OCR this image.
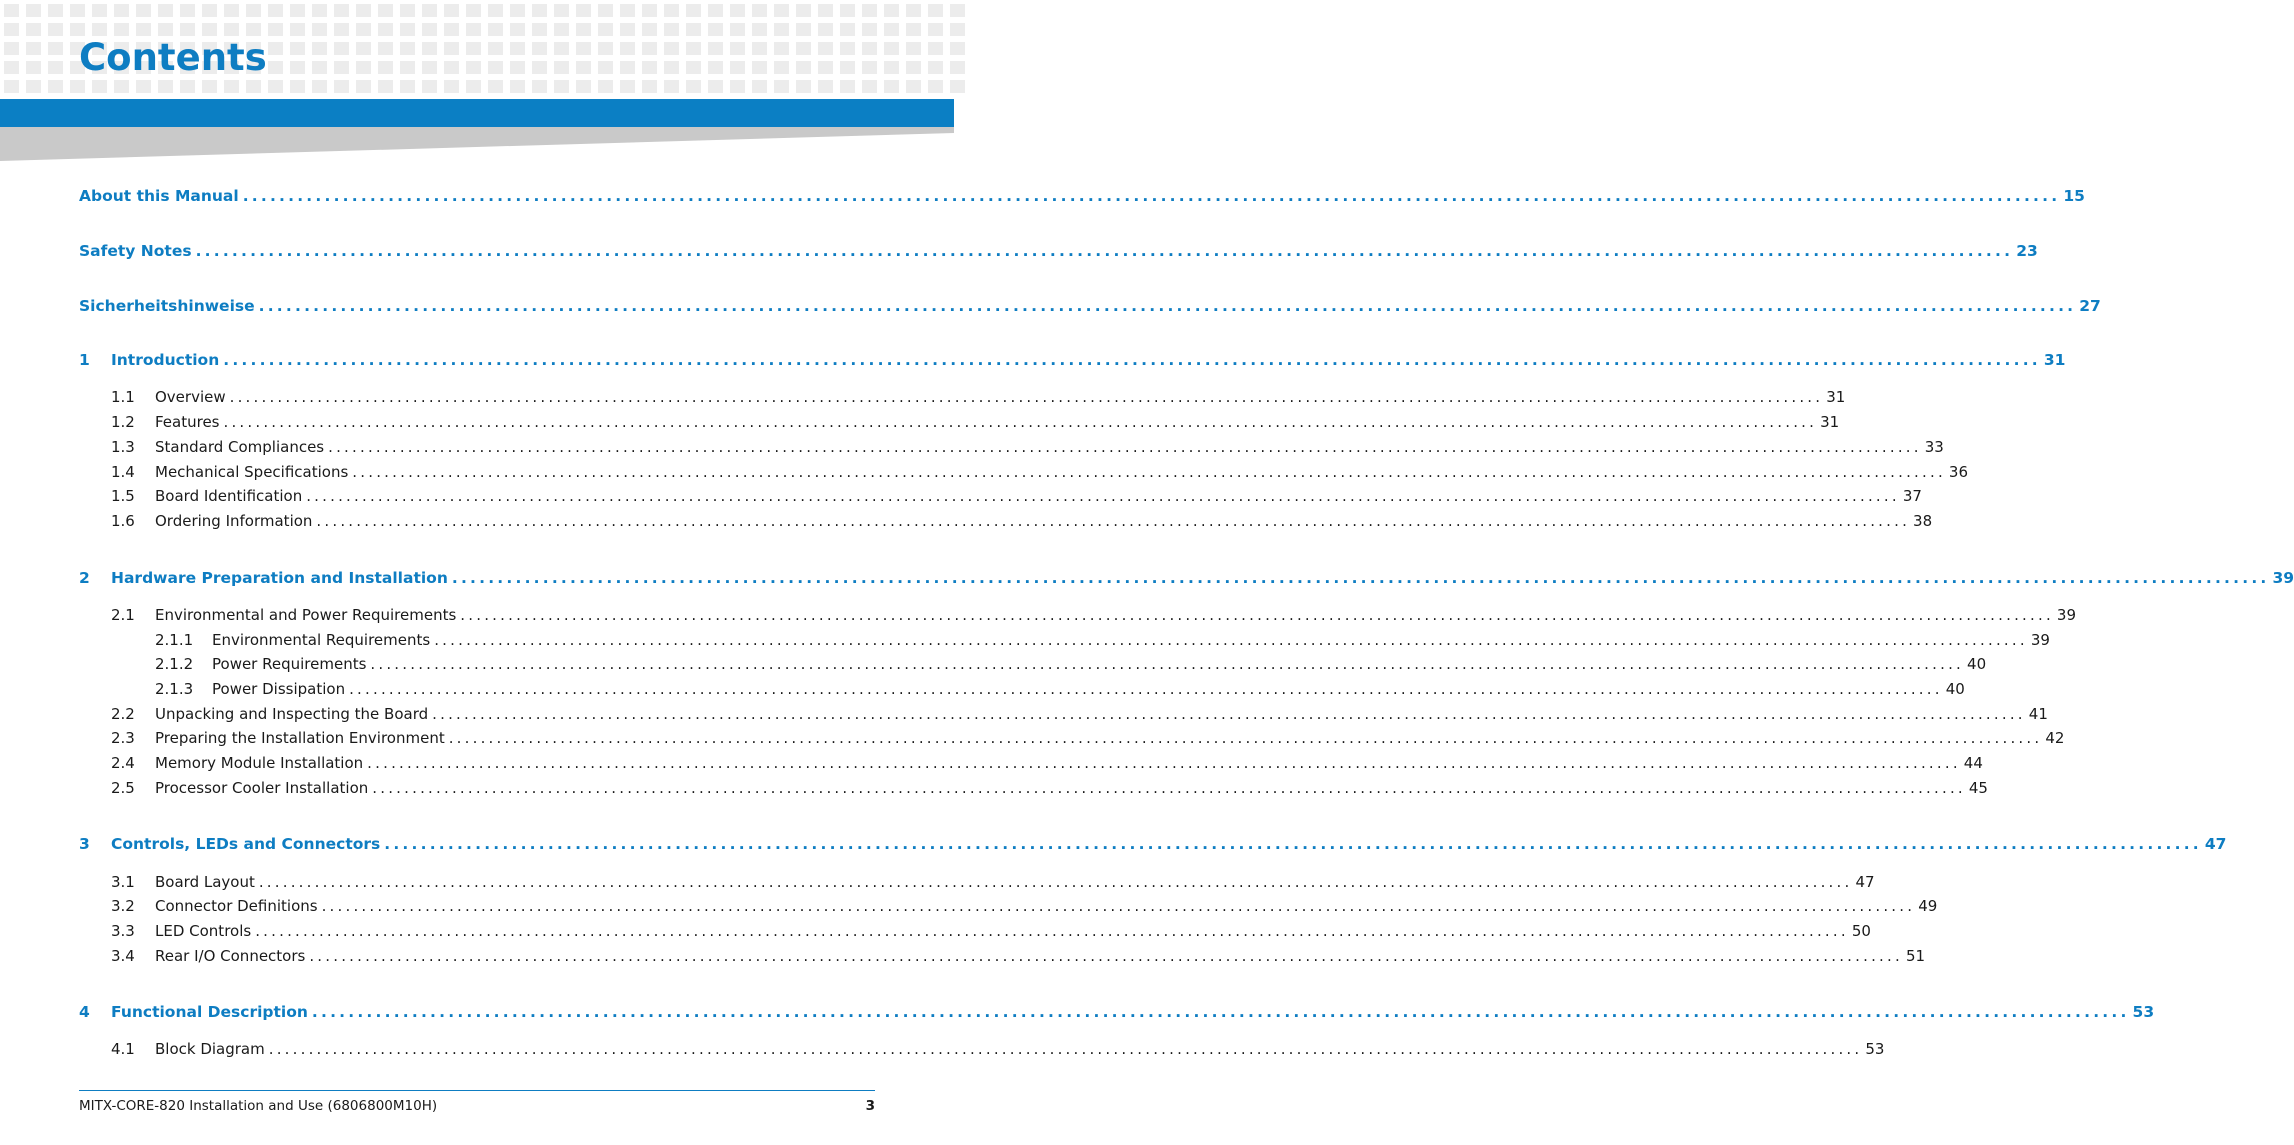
Contents
About this Manual ........................................................................................................................................................................................................ 15
Safety Notes ........................................................................................................................................................................................................ 23
Sicherheitshinweise ........................................................................................................................................................................................................ 27
1 Introduction ........................................................................................................................................................................................................ 31
1.1 Overview ........................................................................................................................................................................................................ 31
1.2 Features ........................................................................................................................................................................................................ 31
1.3 Standard Compliances ........................................................................................................................................................................................................ 33
1.4 Mechanical Specifications ........................................................................................................................................................................................................ 36
1.5 Board Identification ........................................................................................................................................................................................................ 37
1.6 Ordering Information ........................................................................................................................................................................................................ 38
2 Hardware Preparation and Installation ........................................................................................................................................................................................................ 39
2.1 Environmental and Power Requirements ........................................................................................................................................................................................................ 39
2.1.1 Environmental Requirements ........................................................................................................................................................................................................ 39
2.1.2 Power Requirements ........................................................................................................................................................................................................ 40
2.1.3 Power Dissipation ........................................................................................................................................................................................................ 40
2.2 Unpacking and Inspecting the Board ........................................................................................................................................................................................................ 41
2.3 Preparing the Installation Environment ........................................................................................................................................................................................................ 42
2.4 Memory Module Installation ........................................................................................................................................................................................................ 44
2.5 Processor Cooler Installation ........................................................................................................................................................................................................ 45
3 Controls, LEDs and Connectors ........................................................................................................................................................................................................ 47
3.1 Board Layout ........................................................................................................................................................................................................ 47
3.2 Connector Definitions ........................................................................................................................................................................................................ 49
3.3 LED Controls ........................................................................................................................................................................................................ 50
3.4 Rear I/O Connectors ........................................................................................................................................................................................................ 51
4 Functional Description ........................................................................................................................................................................................................ 53
4.1 Block Diagram ........................................................................................................................................................................................................ 53
MITX-CORE-820 Installation and Use (6806800M10H)	3
